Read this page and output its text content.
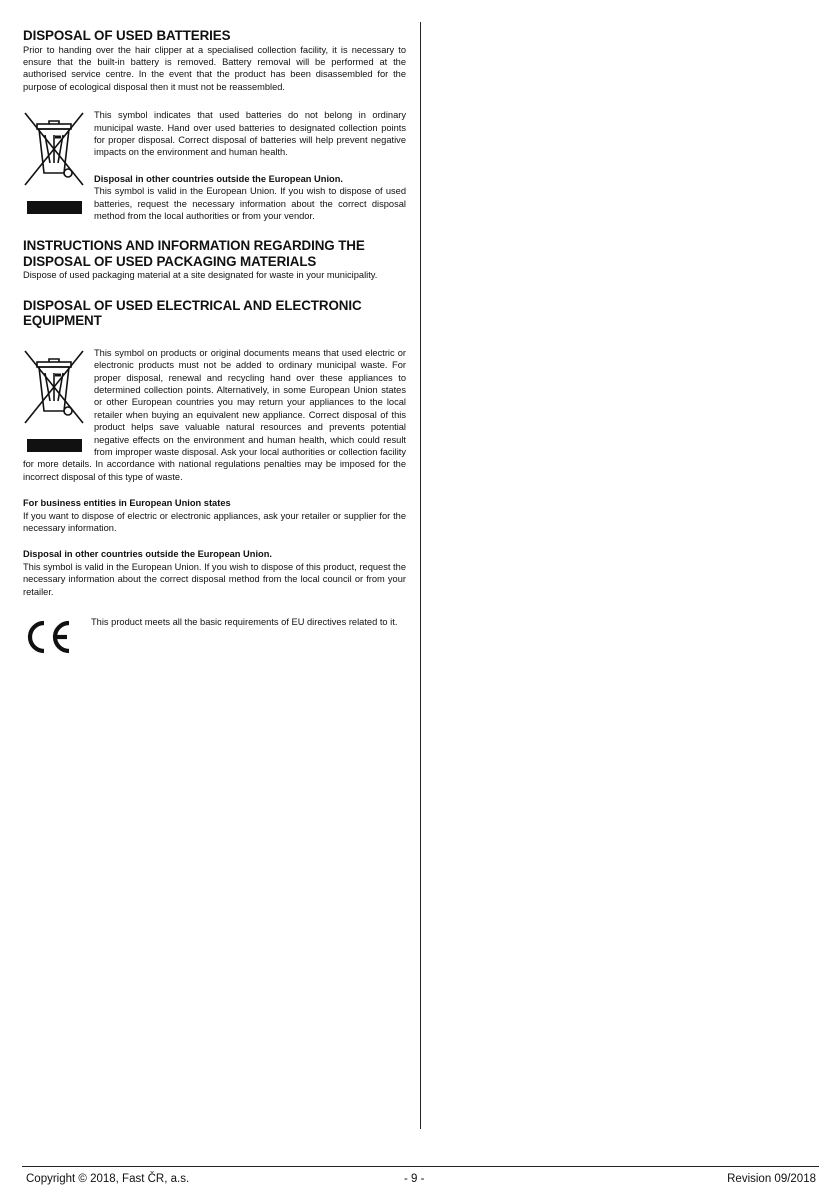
DISPOSAL OF USED BATTERIES

Prior to handing over the hair clipper at a specialised collection facility, it is necessary to ensure that the built-in battery is removed. Battery removal will be performed at the authorised service centre. In the event that the product has been disassembled for the purpose of ecological disposal then it must not be reassembled.

This symbol indicates that used batteries do not belong in ordinary municipal waste. Hand over used batteries to designated collection points for proper disposal. Correct disposal of batteries will help prevent negative impacts on the environment and human health.

Disposal in other countries outside the European Union.

This symbol is valid in the European Union. If you wish to dispose of used batteries, request the necessary information about the correct disposal method from the local authorities or from your vendor.

INSTRUCTIONS AND INFORMATION REGARDING THE
DISPOSAL OF USED PACKAGING MATERIALS

Dispose of used packaging material at a site designated for waste in your municipality.

DISPOSAL OF USED ELECTRICAL AND ELECTRONIC
EQUIPMENT

This symbol on products or original documents means that used electric or electronic products must not be added to ordinary municipal waste. For proper disposal, renewal and recycling hand over these appliances to determined collection points. Alternatively, in some European Union states or other European countries you may return your appliances to the local retailer when buying an equivalent new appliance. Correct disposal of this product helps save valuable natural resources and prevents potential negative effects on the environment and human health, which could result from improper waste disposal. Ask your local authorities or collection facility for more details. In accordance with national regulations penalties may be imposed for the incorrect disposal of this type of waste.

For business entities in European Union states

If you want to dispose of electric or electronic appliances, ask your retailer or supplier for the necessary information.

Disposal in other countries outside the European Union.

This symbol is valid in the European Union. If you wish to dispose of this product, request the necessary information about the correct disposal method from the local council or from your retailer.

This product meets all the basic requirements of EU directives related to it.

Copyright © 2018, Fast ČR, a.s.	- 9 -	Revision 09/2018
